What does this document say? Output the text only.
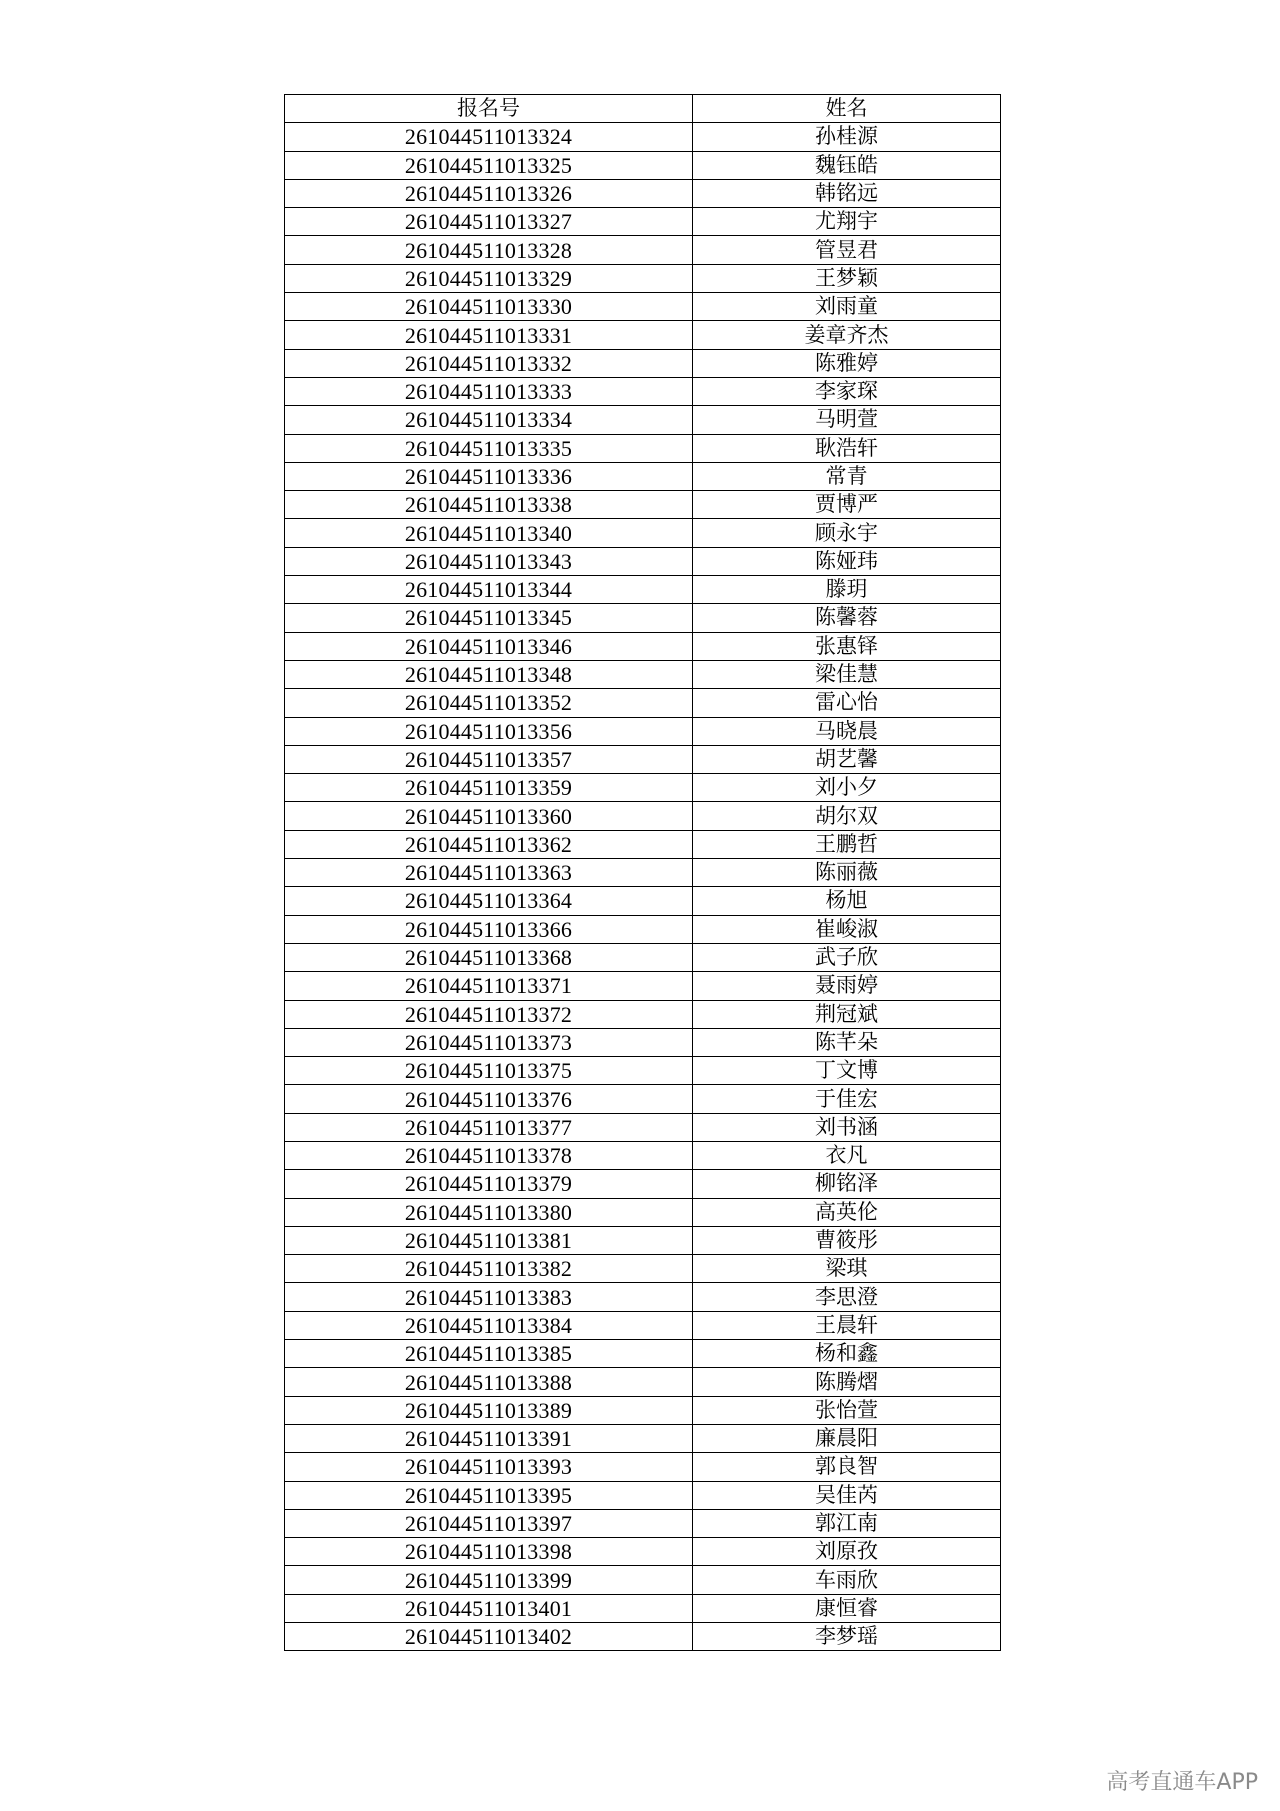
报名号	姓名
261044511013324	孙桂源
261044511013325	魏钰皓
261044511013326	韩铭远
261044511013327	尤翔宇
261044511013328	管昱君
261044511013329	王梦颖
261044511013330	刘雨童
261044511013331	姜章齐杰
261044511013332	陈雅婷
261044511013333	李家琛
261044511013334	马明萱
261044511013335	耿浩轩
261044511013336	常青
261044511013338	贾博严
261044511013340	顾永宇
261044511013343	陈娅玮
261044511013344	滕玥
261044511013345	陈馨蓉
261044511013346	张惠铎
261044511013348	梁佳慧
261044511013352	雷心怡
261044511013356	马晓晨
261044511013357	胡艺馨
261044511013359	刘小夕
261044511013360	胡尔双
261044511013362	王鹏哲
261044511013363	陈丽薇
261044511013364	杨旭
261044511013366	崔峻淑
261044511013368	武子欣
261044511013371	聂雨婷
261044511013372	荆冠斌
261044511013373	陈芊朵
261044511013375	丁文博
261044511013376	于佳宏
261044511013377	刘书涵
261044511013378	衣凡
261044511013379	柳铭泽
261044511013380	高英伦
261044511013381	曹筱彤
261044511013382	梁琪
261044511013383	李思澄
261044511013384	王晨轩
261044511013385	杨和鑫
261044511013388	陈腾熠
261044511013389	张怡萱
261044511013391	廉晨阳
261044511013393	郭良智
261044511013395	吴佳芮
261044511013397	郭江南
261044511013398	刘原孜
261044511013399	车雨欣
261044511013401	康恒睿
261044511013402	李梦瑶
高考直通车APP
